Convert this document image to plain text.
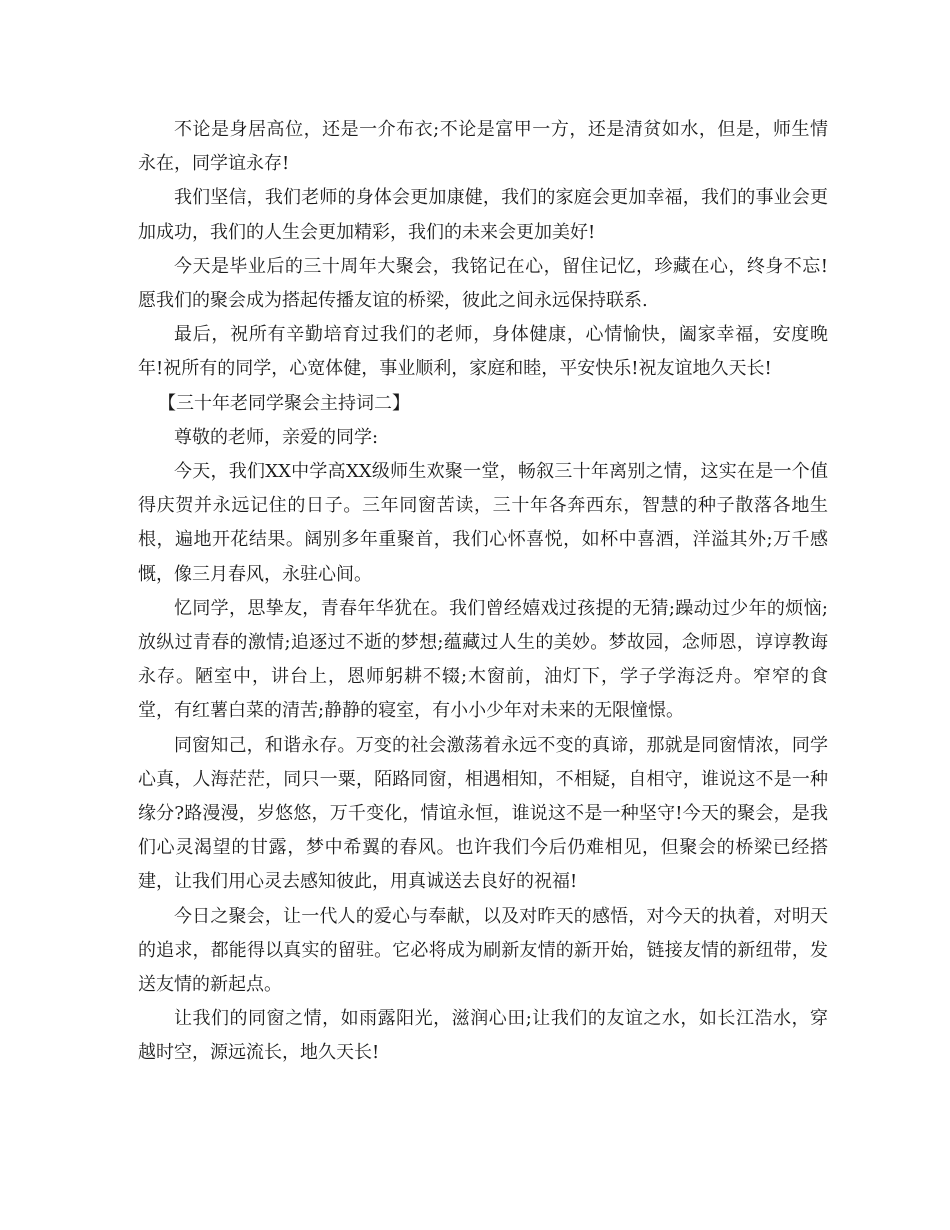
不论是身居高位，还是一介布衣;不论是富甲一方，还是清贫如水，但是，师生情永在，同学谊永存!

我们坚信，我们老师的身体会更加康健，我们的家庭会更加幸福，我们的事业会更加成功，我们的人生会更加精彩，我们的未来会更加美好!

今天是毕业后的三十周年大聚会，我铭记在心，留住记忆，珍藏在心，终身不忘!愿我们的聚会成为搭起传播友谊的桥梁，彼此之间永远保持联系.

最后，祝所有辛勤培育过我们的老师，身体健康，心情愉快，阖家幸福，安度晚年!祝所有的同学，心宽体健，事业顺利，家庭和睦，平安快乐!祝友谊地久天长!

【三十年老同学聚会主持词二】

尊敬的老师，亲爱的同学:

今天，我们XX中学高XX级师生欢聚一堂，畅叙三十年离别之情，这实在是一个值得庆贺并永远记住的日子。三年同窗苦读，三十年各奔西东，智慧的种子散落各地生根，遍地开花结果。阔别多年重聚首，我们心怀喜悦，如杯中喜酒，洋溢其外;万千感慨，像三月春风，永驻心间。

忆同学，思挚友，青春年华犹在。我们曾经嬉戏过孩提的无猜;躁动过少年的烦恼;放纵过青春的激情;追逐过不逝的梦想;蕴藏过人生的美妙。梦故园，念师恩，谆谆教诲永存。陋室中，讲台上，恩师躬耕不辍;木窗前，油灯下，学子学海泛舟。窄窄的食堂，有红薯白菜的清苦;静静的寝室，有小小少年对未来的无限憧憬。

同窗知己，和谐永存。万变的社会激荡着永远不变的真谛，那就是同窗情浓，同学心真，人海茫茫，同只一粟，陌路同窗，相遇相知，不相疑，自相守，谁说这不是一种缘分?路漫漫，岁悠悠，万千变化，情谊永恒，谁说这不是一种坚守!今天的聚会，是我们心灵渴望的甘露，梦中希翼的春风。也许我们今后仍难相见，但聚会的桥梁已经搭建，让我们用心灵去感知彼此，用真诚送去良好的祝福!

今日之聚会，让一代人的爱心与奉献，以及对昨天的感悟，对今天的执着，对明天的追求，都能得以真实的留驻。它必将成为刷新友情的新开始，链接友情的新纽带，发送友情的新起点。

让我们的同窗之情，如雨露阳光，滋润心田;让我们的友谊之水，如长江浩水，穿越时空，源远流长，地久天长!
